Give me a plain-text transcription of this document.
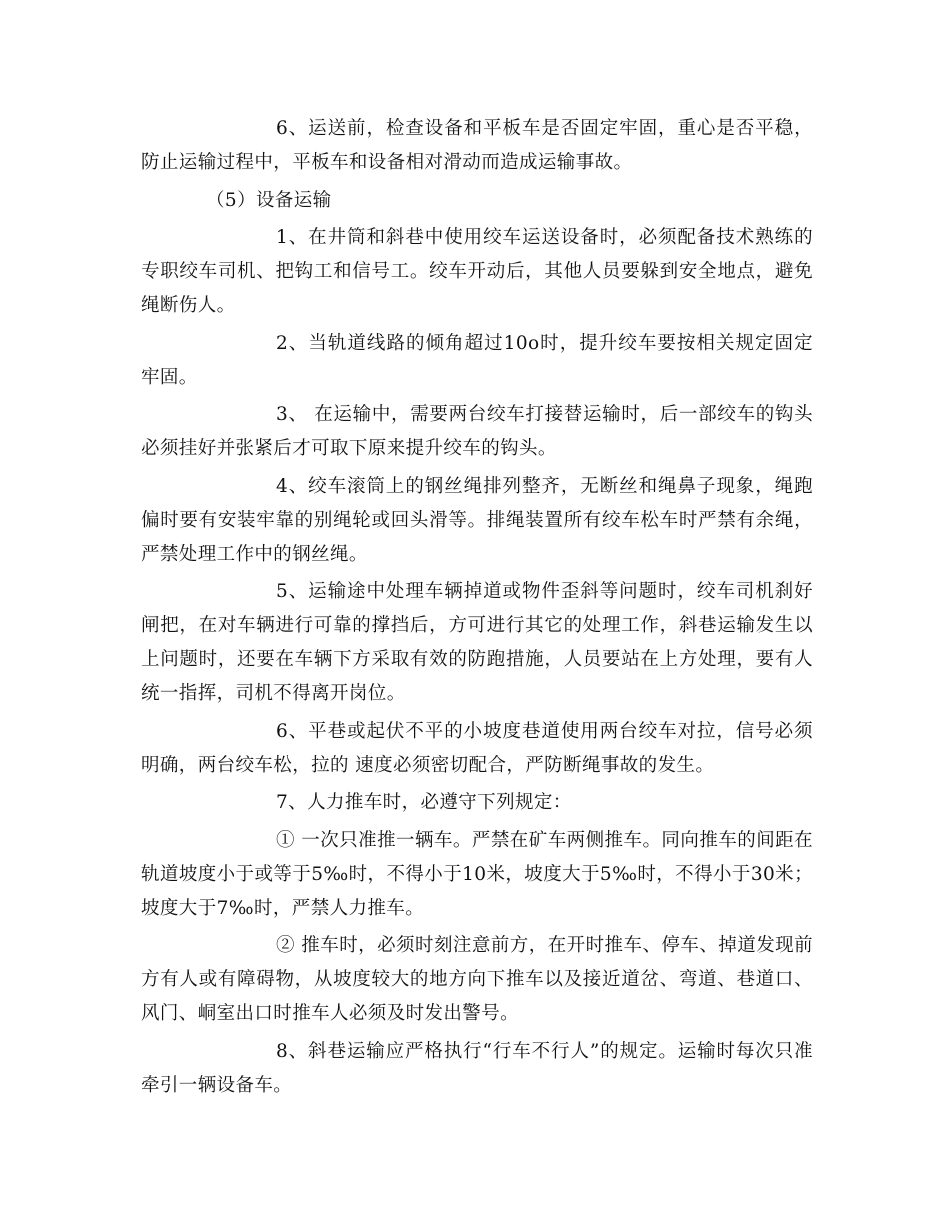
6、运送前，检查设备和平板车是否固定牢固，重心是否平稳，防止运输过程中，平板车和设备相对滑动而造成运输事故。

（5）设备运输

1、在井筒和斜巷中使用绞车运送设备时，必须配备技术熟练的专职绞车司机、把钩工和信号工。绞车开动后，其他人员要躲到安全地点，避免绳断伤人。

2、当轨道线路的倾角超过10o时，提升绞车要按相关规定固定牢固。

3、 在运输中，需要两台绞车打接替运输时，后一部绞车的钩头必须挂好并张紧后才可取下原来提升绞车的钩头。

4、绞车滚筒上的钢丝绳排列整齐，无断丝和绳鼻子现象，绳跑偏时要有安装牢靠的别绳轮或回头滑等。排绳装置所有绞车松车时严禁有余绳，严禁处理工作中的钢丝绳。

5、运输途中处理车辆掉道或物件歪斜等问题时，绞车司机刹好闸把，在对车辆进行可靠的撑挡后，方可进行其它的处理工作，斜巷运输发生以上问题时，还要在车辆下方采取有效的防跑措施，人员要站在上方处理，要有人统一指挥，司机不得离开岗位。

6、平巷或起伏不平的小坡度巷道使用两台绞车对拉，信号必须明确，两台绞车松，拉的 速度必须密切配合，严防断绳事故的发生。

7、人力推车时，必遵守下列规定：

① 一次只准推一辆车。严禁在矿车两侧推车。同向推车的间距在轨道坡度小于或等于5‰时，不得小于10米，坡度大于5‰时，不得小于30米；坡度大于7‰时，严禁人力推车。

② 推车时，必须时刻注意前方，在开时推车、停车、掉道发现前方有人或有障碍物，从坡度较大的地方向下推车以及接近道岔、弯道、巷道口、风门、峒室出口时推车人必须及时发出警号。

8、斜巷运输应严格执行“行车不行人”的规定。运输时每次只准牵引一辆设备车。
